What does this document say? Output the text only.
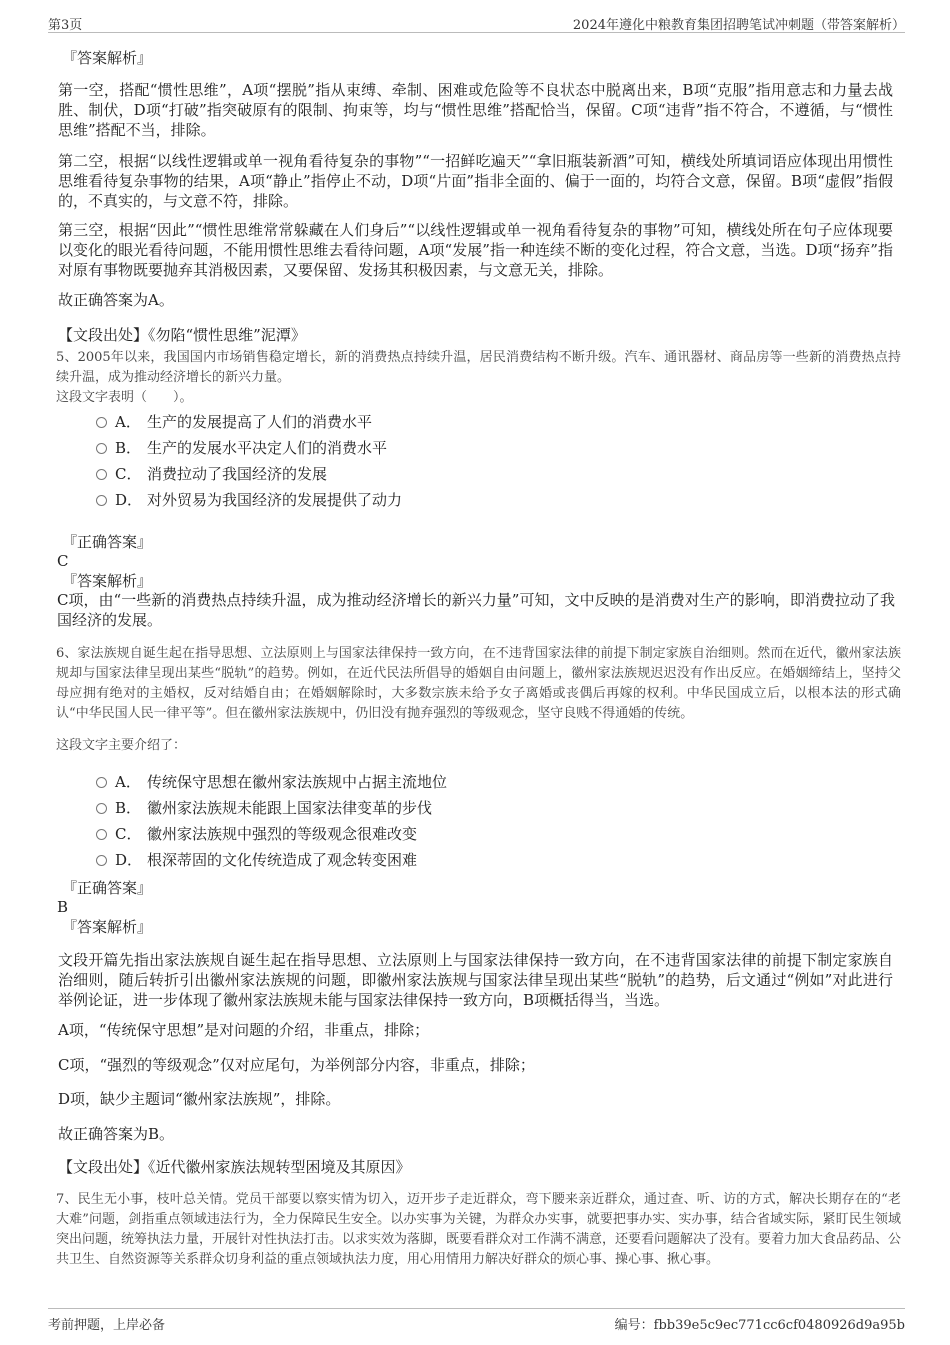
第3页	2024年遵化中粮教育集团招聘笔试冲刺题（带答案解析）
『答案解析』
第一空，搭配“惯性思维”，A项“摆脱”指从束缚、牵制、困难或危险等不良状态中脱离出来，B项“克服”指用意志和力量去战胜、制伏，D项“打破”指突破原有的限制、拘束等，均与“惯性思维”搭配恰当，保留。C项“违背”指不符合，不遵循，与“惯性思维”搭配不当，排除。
第二空，根据“以线性逻辑或单一视角看待复杂的事物”“一招鲜吃遍天”“拿旧瓶装新酒”可知，横线处所填词语应体现出用惯性思维看待复杂事物的结果，A项“静止”指停止不动，D项“片面”指非全面的、偏于一面的，均符合文意，保留。B项“虚假”指假的，不真实的，与文意不符，排除。
第三空，根据“因此”“惯性思维常常躲藏在人们身后”“以线性逻辑或单一视角看待复杂的事物”可知，横线处所在句子应体现要以变化的眼光看待问题，不能用惯性思维去看待问题，A项“发展”指一种连续不断的变化过程，符合文意，当选。D项“扬弃”指对原有事物既要抛弃其消极因素，又要保留、发扬其积极因素，与文意无关，排除。
故正确答案为A。
【文段出处】《勿陷“惯性思维”泥潭》
5、2005年以来，我国国内市场销售稳定增长，新的消费热点持续升温，居民消费结构不断升级。汽车、通讯器材、商品房等一些新的消费热点持续升温，成为推动经济增长的新兴力量。
这段文字表明（　　）。
A． 生产的发展提高了人们的消费水平
B． 生产的发展水平决定人们的消费水平
C． 消费拉动了我国经济的发展
D． 对外贸易为我国经济的发展提供了动力
『正确答案』
C
『答案解析』
C项，由“一些新的消费热点持续升温，成为推动经济增长的新兴力量”可知，文中反映的是消费对生产的影响，即消费拉动了我国经济的发展。
6、家法族规自诞生起在指导思想、立法原则上与国家法律保持一致方向，在不违背国家法律的前提下制定家族自治细则。然而在近代，徽州家法族规却与国家法律呈现出某些“脱轨”的趋势。例如，在近代民法所倡导的婚姻自由问题上，徽州家法族规迟迟没有作出反应。在婚姻缔结上，坚持父母应拥有绝对的主婚权，反对结婚自由；在婚姻解除时，大多数宗族未给予女子离婚或丧偶后再嫁的权利。中华民国成立后，以根本法的形式确认“中华民国人民一律平等”。但在徽州家法族规中，仍旧没有抛弃强烈的等级观念，坚守良贱不得通婚的传统。
这段文字主要介绍了：
A． 传统保守思想在徽州家法族规中占据主流地位
B． 徽州家法族规未能跟上国家法律变革的步伐
C． 徽州家法族规中强烈的等级观念很难改变
D． 根深蒂固的文化传统造成了观念转变困难
『正确答案』
B
『答案解析』
文段开篇先指出家法族规自诞生起在指导思想、立法原则上与国家法律保持一致方向，在不违背国家法律的前提下制定家族自治细则，随后转折引出徽州家法族规的问题，即徽州家法族规与国家法律呈现出某些“脱轨”的趋势，后文通过“例如”对此进行举例论证，进一步体现了徽州家法族规未能与国家法律保持一致方向，B项概括得当，当选。
A项，“传统保守思想”是对问题的介绍，非重点，排除；
C项，“强烈的等级观念”仅对应尾句，为举例部分内容，非重点，排除；
D项，缺少主题词“徽州家法族规”，排除。
故正确答案为B。
【文段出处】《近代徽州家族法规转型困境及其原因》
7、民生无小事，枝叶总关情。党员干部要以察实情为切入，迈开步子走近群众，弯下腰来亲近群众，通过查、听、访的方式，解决长期存在的“老大难”问题，剑指重点领域违法行为，全力保障民生安全。以办实事为关键，为群众办实事，就要把事办实、实办事，结合省域实际，紧盯民生领域突出问题，统筹执法力量，开展针对性执法打击。以求实效为落脚，既要看群众对工作满不满意，还要看问题解决了没有。要着力加大食品药品、公共卫生、自然资源等关系群众切身利益的重点领域执法力度，用心用情用力解决好群众的烦心事、操心事、揪心事。
考前押题，上岸必备	编号：fbb39e5c9ec771cc6cf0480926d9a95b
